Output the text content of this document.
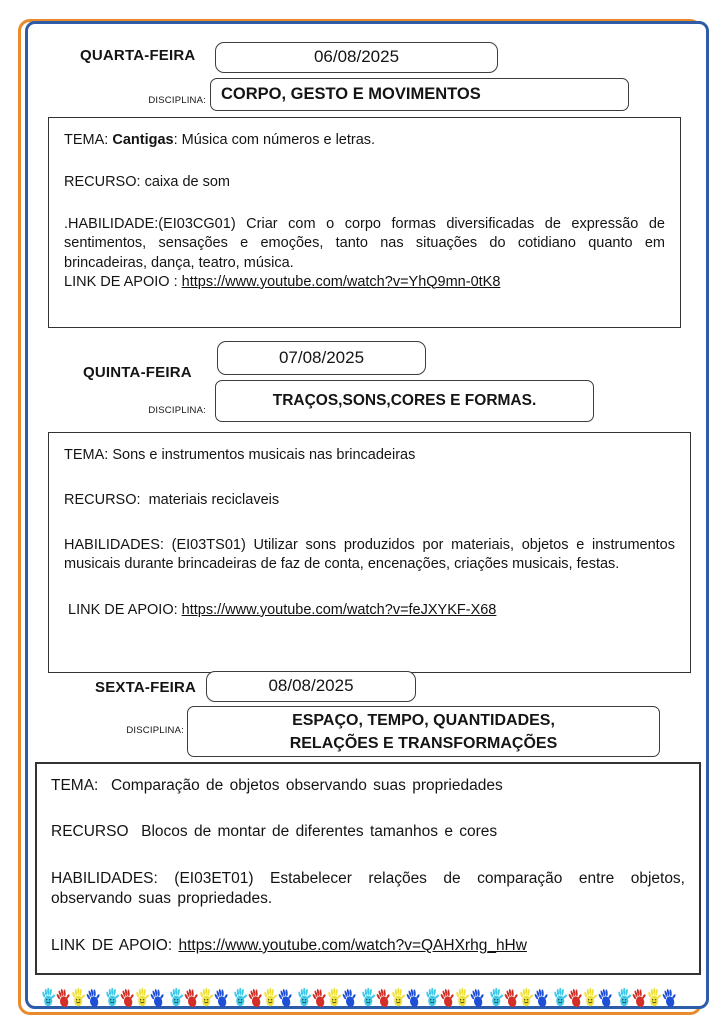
QUARTA-FEIRA	06/08/2025
DISCIPLINA: CORPO, GESTO E MOVIMENTOS

TEMA: Cantigas: Música com números e letras.

RECURSO: caixa de som

.HABILIDADE:(EI03CG01) Criar com o corpo formas diversificadas de expressão de sentimentos, sensações e emoções, tanto nas situações do cotidiano quanto em brincadeiras, dança, teatro, música.

LINK DE APOIO : https://www.youtube.com/watch?v=YhQ9mn-0tK8

07/08/2025
QUINTA-FEIRA
DISCIPLINA:
TRAÇOS,SONS,CORES E FORMAS.

TEMA: Sons e instrumentos musicais nas brincadeiras

RECURSO:  materiais reciclaveis

HABILIDADES: (EI03TS01) Utilizar sons produzidos por materiais, objetos e instrumentos musicais durante brincadeiras de faz de conta, encenações, criações musicais, festas.

LINK DE APOIO: https://www.youtube.com/watch?v=feJXYKF-X68

SEXTA-FEIRA	08/08/2025
DISCIPLINA:
ESPAÇO, TEMPO, QUANTIDADES,
RELAÇÕES E TRANSFORMAÇÕES

TEMA:  Comparação de objetos observando suas propriedades

RECURSO  Blocos de montar de diferentes tamanhos e cores

HABILIDADES: (EI03ET01) Estabelecer relações de comparação entre objetos, observando suas propriedades.

LINK DE APOIO: https://www.youtube.com/watch?v=QAHXrhg_hHw
